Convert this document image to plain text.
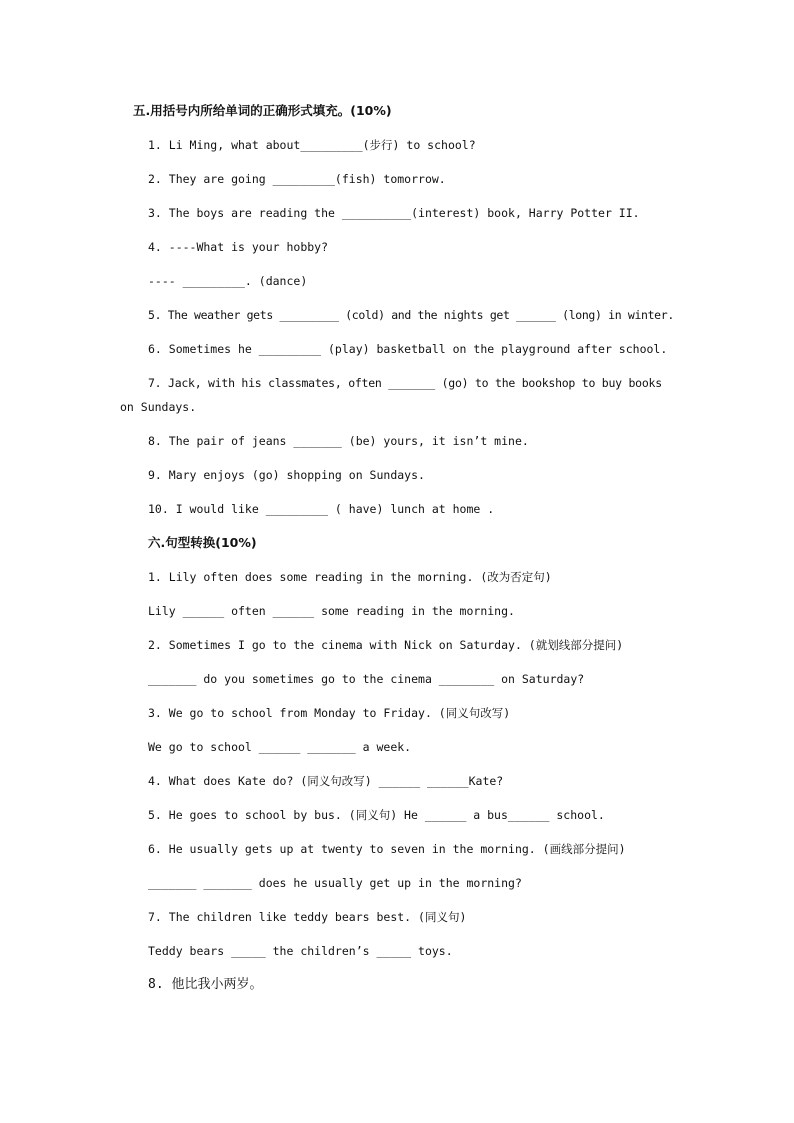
五.用括号内所给单词的正确形式填充。(10%)
1. Li Ming, what about_________(步行) to school?
2. They are going _________(fish) tomorrow.
3. The boys are reading the __________(interest) book, Harry Potter II.
4. ----What is your hobby?
---- _________. (dance)
5. The weather gets _________ (cold) and the nights get ______ (long) in winter.
6. Sometimes he _________ (play) basketball on the playground after school.
7. Jack, with his classmates, often _______ (go) to the bookshop to buy books
on Sundays.
8. The pair of jeans _______ (be) yours, it isn’t mine.
9. Mary enjoys (go) shopping on Sundays.
10. I would like _________ ( have) lunch at home .
六.句型转换(10%)
1. Lily often does some reading in the morning. (改为否定句)
Lily ______ often ______ some reading in the morning.
2. Sometimes I go to the cinema with Nick on Saturday. (就划线部分提问)
_______ do you sometimes go to the cinema ________ on Saturday?
3. We go to school from Monday to Friday. (同义句改写)
We go to school ______ _______ a week.
4. What does Kate do? (同义句改写) ______ ______Kate?
5. He goes to school by bus. (同义句) He ______ a bus______ school.
6. He usually gets up at twenty to seven in the morning. (画线部分提问)
_______ _______ does he usually get up in the morning?
7. The children like teddy bears best. (同义句)
Teddy bears _____ the children’s _____ toys.
8. 他比我小两岁。
